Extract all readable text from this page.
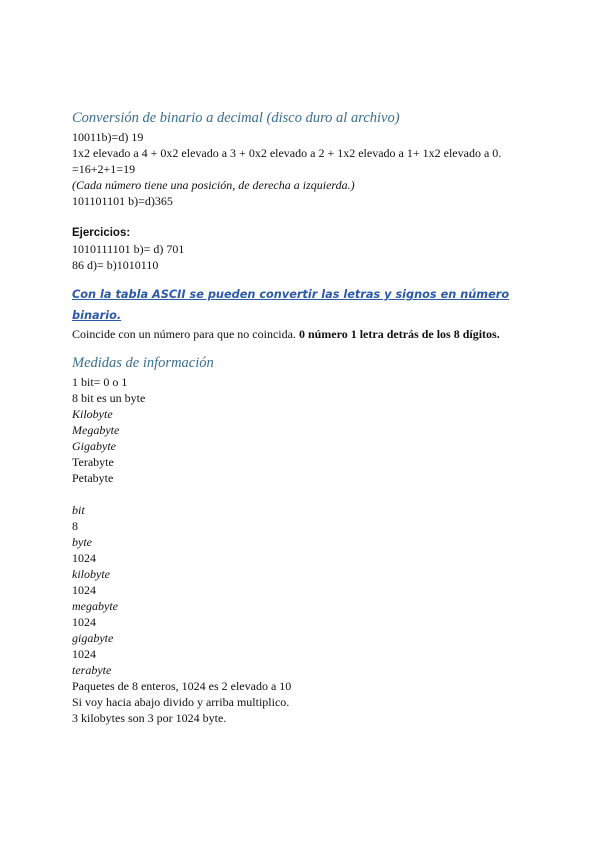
Conversión de binario a decimal (disco duro al archivo)
10011b)=d) 19
1x2 elevado a 4 + 0x2 elevado a 3 + 0x2 elevado a 2 + 1x2 elevado a 1+ 1x2 elevado a 0.
=16+2+1=19
(Cada número tiene una posición, de derecha a izquierda.)
101101101 b)=d)365
Ejercicios:
1010111101 b)= d) 701
86 d)= b)1010110
Con la tabla ASCII se pueden convertir las letras y signos en número binario.
Coincide con un número para que no coincida. 0 número 1 letra detrás de los 8 dígitos.
Medidas de información
1 bit= 0 o 1
8 bit es un byte
Kilobyte
Megabyte
Gigabyte
Terabyte
Petabyte
bit
8
byte
1024
kilobyte
1024
megabyte
1024
gigabyte
1024
terabyte
Paquetes de 8 enteros, 1024 es 2 elevado a 10
Si voy hacia abajo divido y arriba multiplico.
3 kilobytes son 3 por 1024 byte.
